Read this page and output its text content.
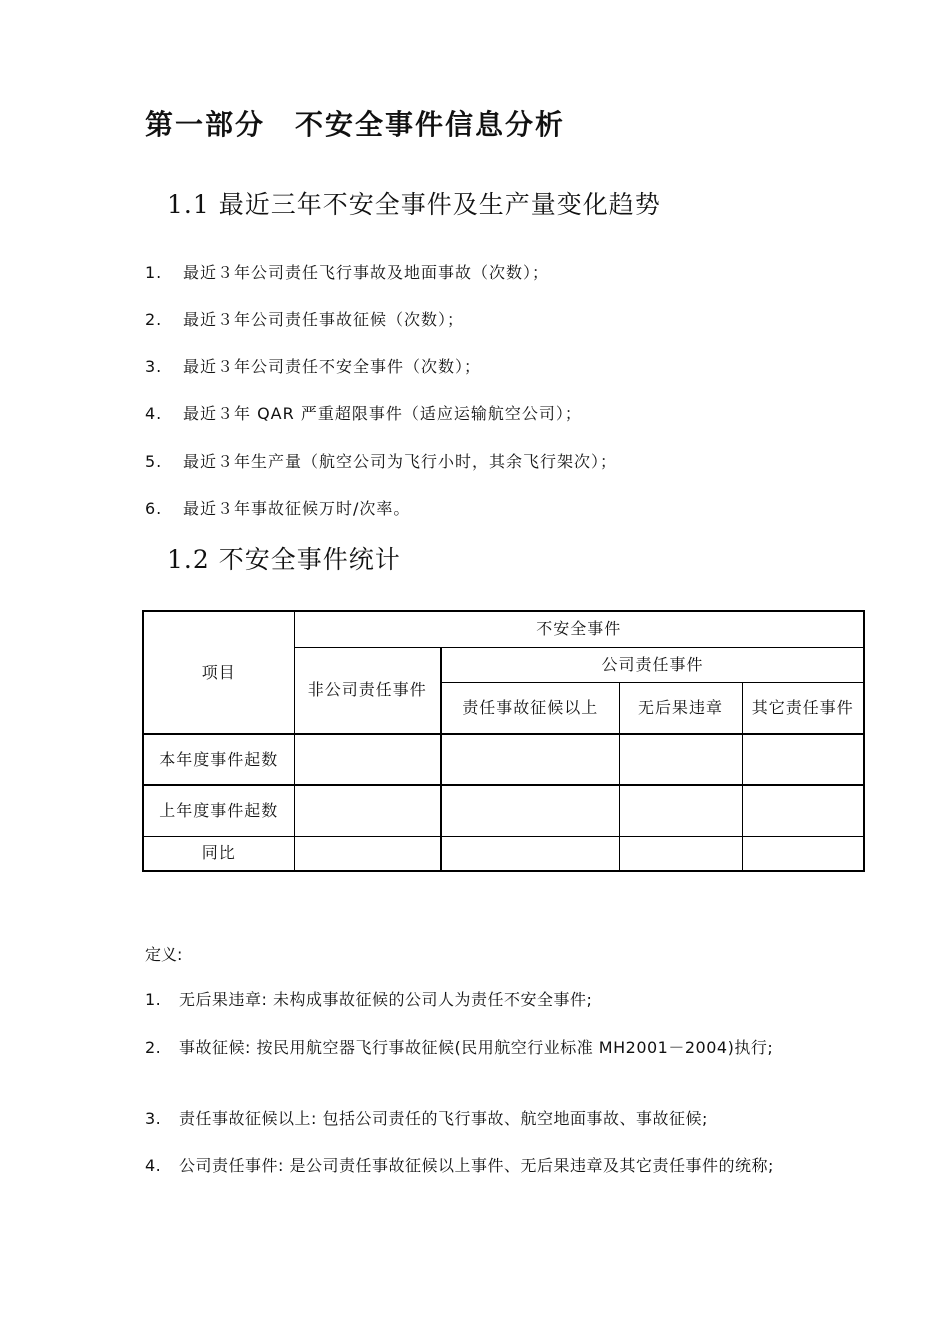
第一部分　不安全事件信息分析
1.1 最近三年不安全事件及生产量变化趋势
1. 最近３年公司责任飞行事故及地面事故（次数）；
2. 最近３年公司责任事故征候（次数）；
3. 最近３年公司责任不安全事件（次数）；
4. 最近３年 QAR 严重超限事件（适应运输航空公司）；
5. 最近３年生产量（航空公司为飞行小时，其余飞行架次）；
6. 最近３年事故征候万时/次率。
1.2 不安全事件统计
项目	不安全事件			
	非公司责任事件	公司责任事件		
		责任事故征候以上	无后果违章	其它责任事件
本年度事件起数				
上年度事件起数				
同比				
定义:
1.	无后果违章: 未构成事故征候的公司人为责任不安全事件;
2.	事故征候: 按民用航空器飞行事故征候(民用航空行业标准 MH2001－2004)执行;
3.	责任事故征候以上: 包括公司责任的飞行事故、航空地面事故、事故征候;
4.	公司责任事件: 是公司责任事故征候以上事件、无后果违章及其它责任事件的统称;
